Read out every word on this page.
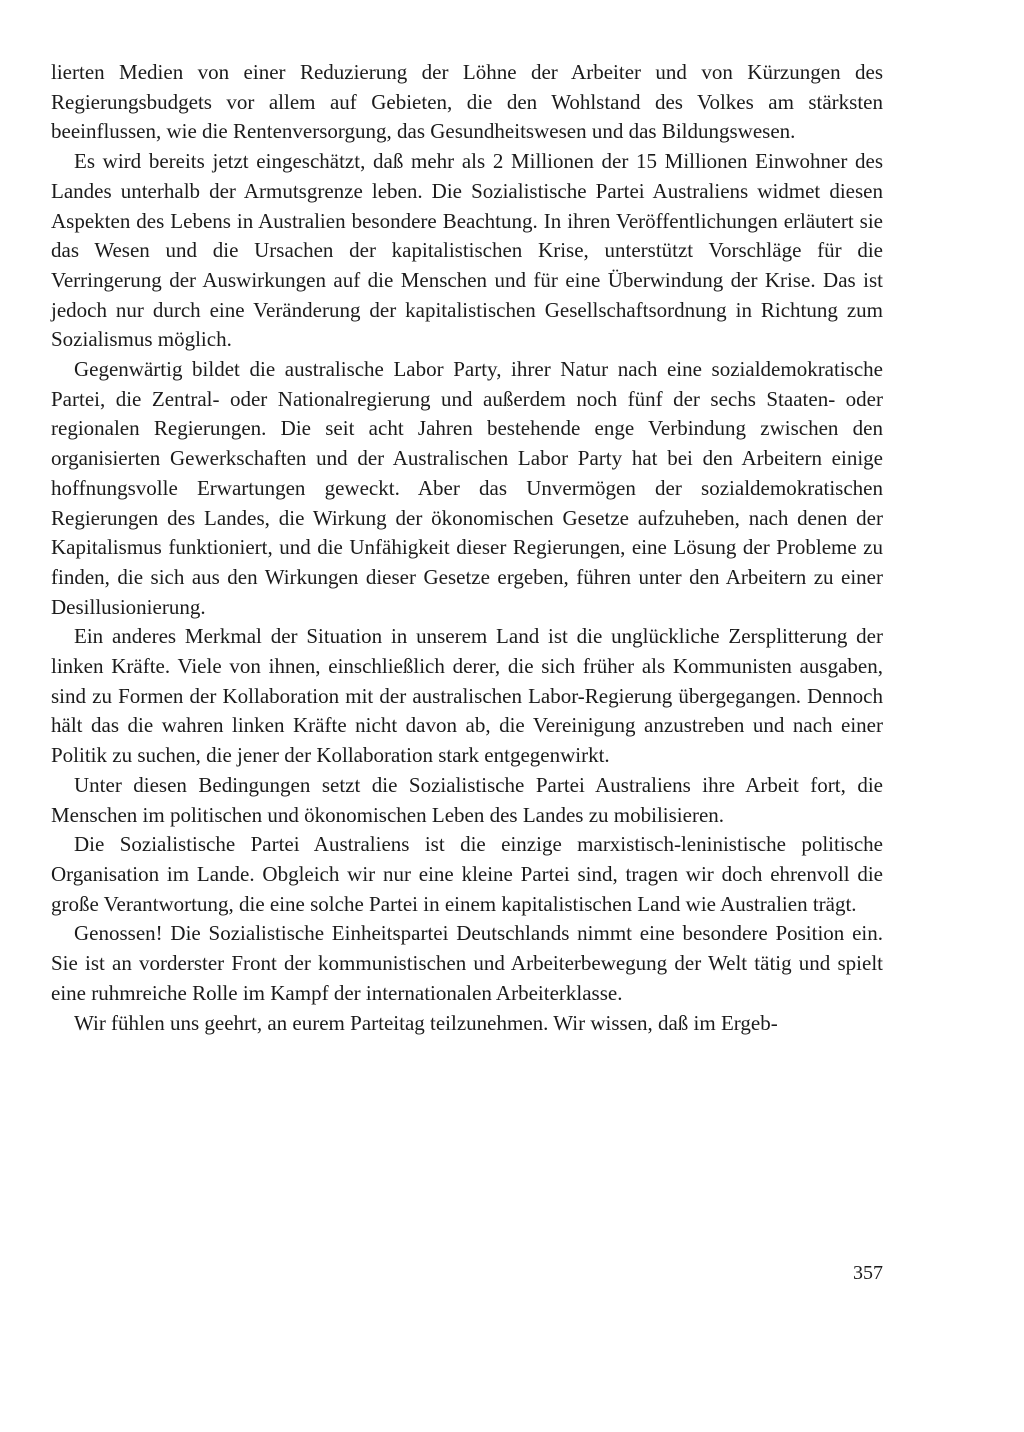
lierten Medien von einer Reduzierung der Löhne der Arbeiter und von Kürzungen des Regierungsbudgets vor allem auf Gebieten, die den Wohlstand des Volkes am stärksten beeinflussen, wie die Rentenversorgung, das Gesundheitswesen und das Bildungswesen.

Es wird bereits jetzt eingeschätzt, daß mehr als 2 Millionen der 15 Millionen Einwohner des Landes unterhalb der Armutsgrenze leben. Die Sozialistische Partei Australiens widmet diesen Aspekten des Lebens in Australien besondere Beachtung. In ihren Veröffentlichungen erläutert sie das Wesen und die Ursachen der kapitalistischen Krise, unterstützt Vorschläge für die Verringerung der Auswirkungen auf die Menschen und für eine Überwindung der Krise. Das ist jedoch nur durch eine Veränderung der kapitalistischen Gesellschaftsordnung in Richtung zum Sozialismus möglich.

Gegenwärtig bildet die australische Labor Party, ihrer Natur nach eine sozialdemokratische Partei, die Zentral- oder Nationalregierung und außerdem noch fünf der sechs Staaten- oder regionalen Regierungen. Die seit acht Jahren bestehende enge Verbindung zwischen den organisierten Gewerkschaften und der Australischen Labor Party hat bei den Arbeitern einige hoffnungsvolle Erwartungen geweckt. Aber das Unvermögen der sozialdemokratischen Regierungen des Landes, die Wirkung der ökonomischen Gesetze aufzuheben, nach denen der Kapitalismus funktioniert, und die Unfähigkeit dieser Regierungen, eine Lösung der Probleme zu finden, die sich aus den Wirkungen dieser Gesetze ergeben, führen unter den Arbeitern zu einer Desillusionierung.

Ein anderes Merkmal der Situation in unserem Land ist die unglückliche Zersplitterung der linken Kräfte. Viele von ihnen, einschließlich derer, die sich früher als Kommunisten ausgaben, sind zu Formen der Kollaboration mit der australischen Labor-Regierung übergegangen. Dennoch hält das die wahren linken Kräfte nicht davon ab, die Vereinigung anzustreben und nach einer Politik zu suchen, die jener der Kollaboration stark entgegenwirkt.

Unter diesen Bedingungen setzt die Sozialistische Partei Australiens ihre Arbeit fort, die Menschen im politischen und ökonomischen Leben des Landes zu mobilisieren.

Die Sozialistische Partei Australiens ist die einzige marxistisch-leninistische politische Organisation im Lande. Obgleich wir nur eine kleine Partei sind, tragen wir doch ehrenvoll die große Verantwortung, die eine solche Partei in einem kapitalistischen Land wie Australien trägt.

Genossen! Die Sozialistische Einheitspartei Deutschlands nimmt eine besondere Position ein. Sie ist an vorderster Front der kommunistischen und Arbeiterbewegung der Welt tätig und spielt eine ruhmreiche Rolle im Kampf der internationalen Arbeiterklasse.

Wir fühlen uns geehrt, an eurem Parteitag teilzunehmen. Wir wissen, daß im Ergeb-

357
